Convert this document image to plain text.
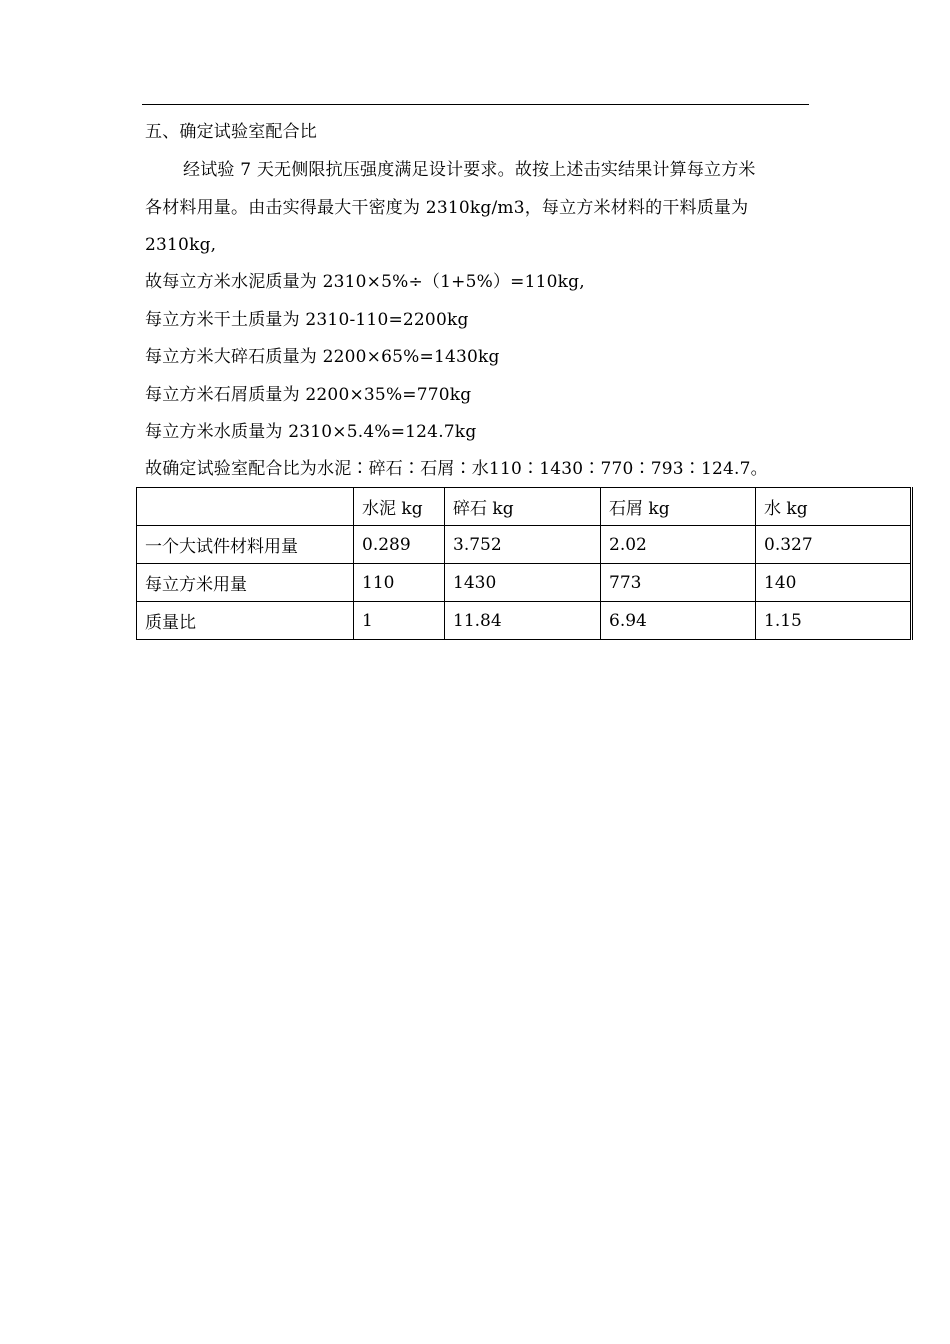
五、确定试验室配合比
经试验 7 天无侧限抗压强度满足设计要求。故按上述击实结果计算每立方米
各材料用量。由击实得最大干密度为 2310kg/m3，每立方米材料的干料质量为
2310kg,
故每立方米水泥质量为 2310×5%÷（1+5%）=110kg,
每立方米干土质量为 2310-110=2200kg
每立方米大碎石质量为 2200×65%=1430kg
每立方米石屑质量为 2200×35%=770kg
每立方米水质量为 2310×5.4%=124.7kg
故确定试验室配合比为水泥∶碎石∶石屑∶水110∶1430∶770∶793∶124.7。
	水泥 kg	碎石 kg	石屑 kg	水 kg
一个大试件材料用量	0.289	3.752	2.02	0.327
每立方米用量	110	1430	773	140
质量比	1	11.84	6.94	1.15
